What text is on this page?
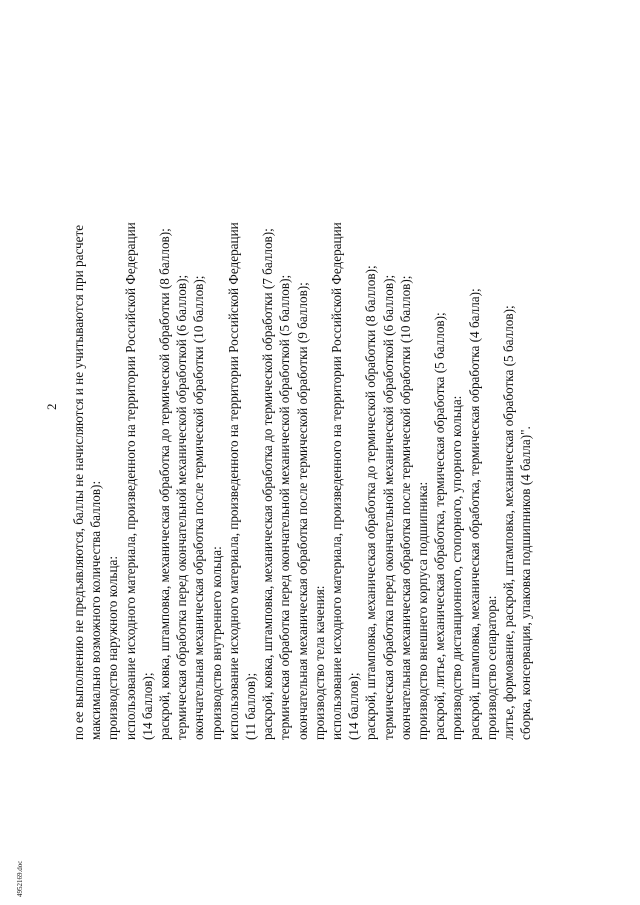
2 по ее выполнению не предъявляются, баллы не начисляются и не учитываются при расчете максимально возможного количества баллов): производство наружного кольца: использование исходного материала, произведенного на территории Российской Федерации (14 баллов); раскрой, ковка, штамповка, механическая обработка до термической обработки (8 баллов); термическая обработка перед окончательной механической обработкой (6 баллов); окончательная механическая обработка после термической обработки (10 баллов); производство внутреннего кольца: использование исходного материала, произведенного на территории Российской Федерации (11 баллов); раскрой, ковка, штамповка, механическая обработка до термической обработки (7 баллов); термическая обработка перед окончательной механической обработкой (5 баллов); окончательная механическая обработка после термической обработки (9 баллов); производство тела качения: использование исходного материала, произведенного на территории Российской Федерации (14 баллов); раскрой, штамповка, механическая обработка до термической обработки (8 баллов); термическая обработка перед окончательной механической обработкой (6 баллов); окончательная механическая обработка после термической обработки (10 баллов); производство внешнего корпуса подшипника: раскрой, литье, механическая обработка, термическая обработка (5 баллов); производство дистанционного, стопорного, упорного кольца: раскрой, штамповка, механическая обработка, термическая обработка (4 балла); производство сепаратора: литье, формование, раскрой, штамповка, механическая обработка (5 баллов); сборка, консервация, упаковка подшипников (4 балла)".
4952169.doc
